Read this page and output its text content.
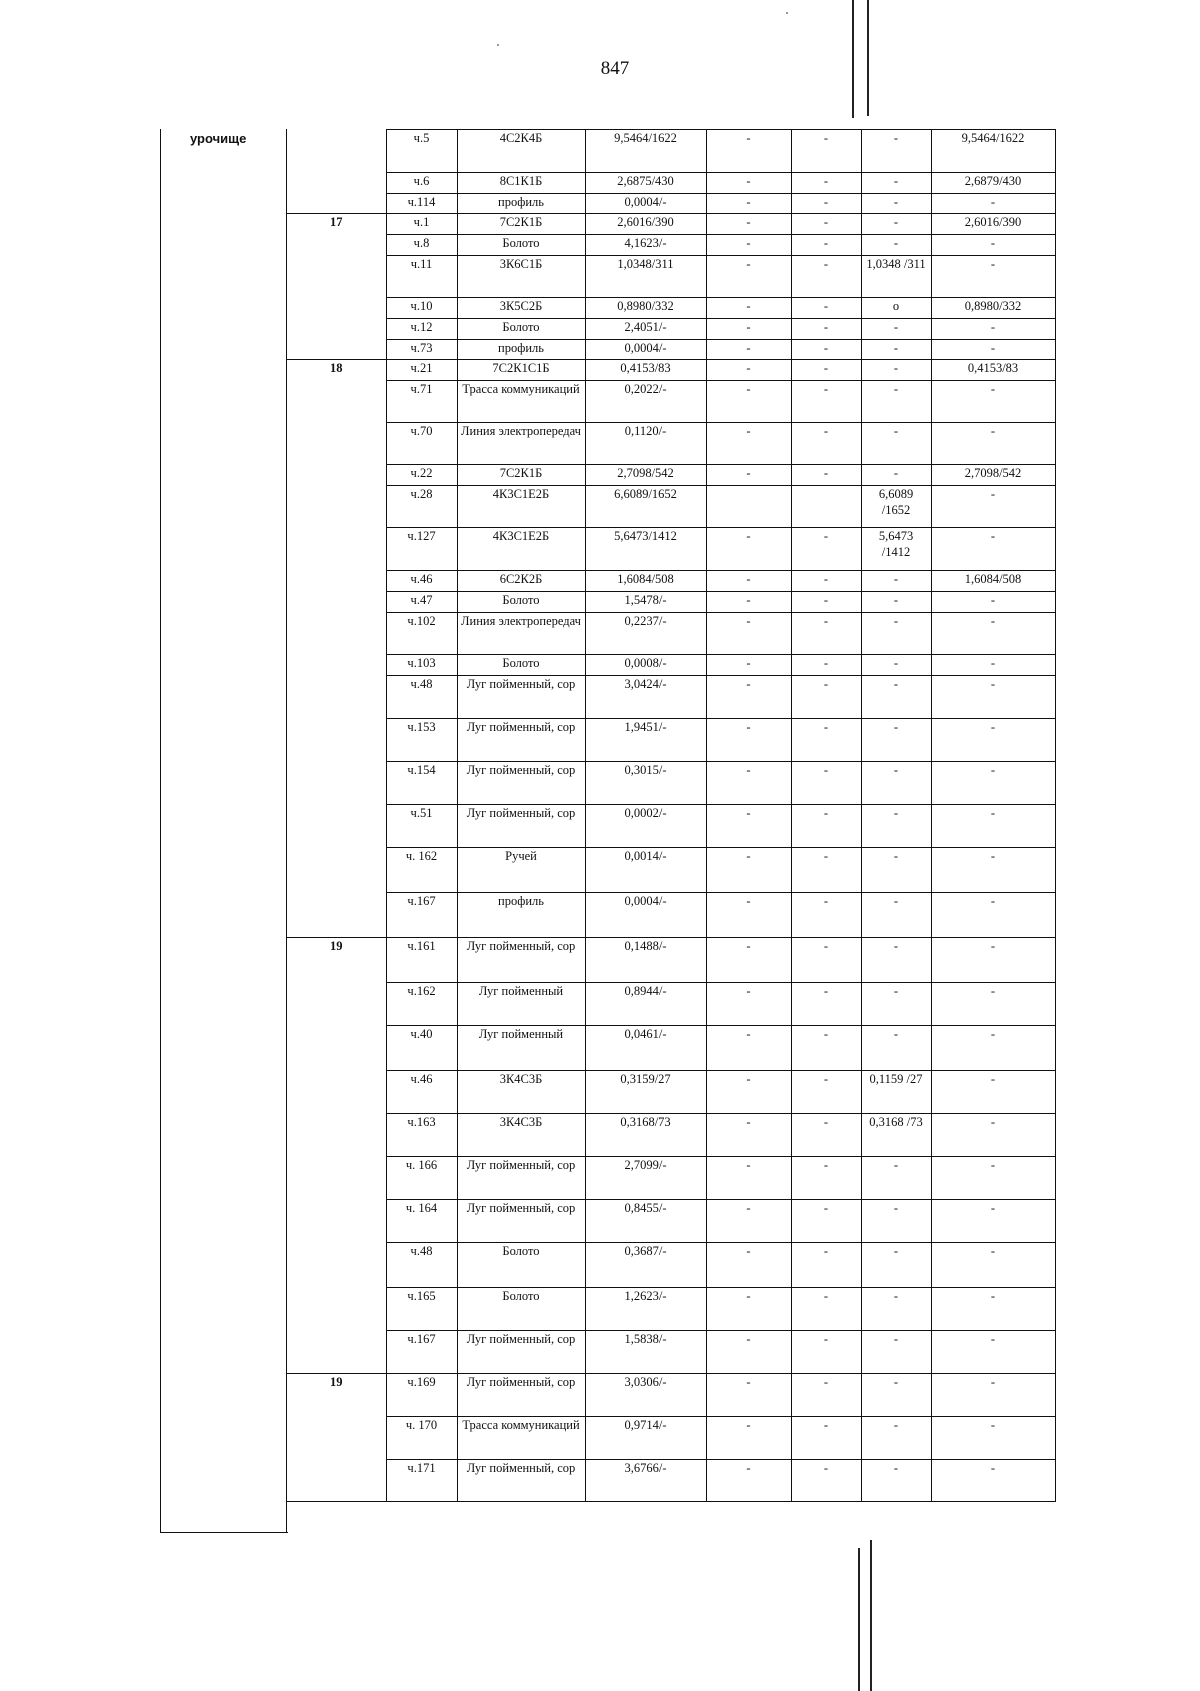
847
урочище
		ч.5	4С2К4Б	9,5464/1622	-	-	-	9,5464/1622
	ч.6	8С1К1Б	2,6875/430	-	-	-	2,6879/430
	ч.114	профиль	0,0004/-	-	-	-	-
17	ч.1	7С2К1Б	2,6016/390	-	-	-	2,6016/390
	ч.8	Болото	4,1623/-	-	-	-	-
	ч.11	3К6С1Б	1,0348/311	-	-	1,0348 /311	-
	ч.10	3К5С2Б	0,8980/332	-	-	о	0,8980/332
	ч.12	Болото	2,4051/-	-	-	-	-
	ч.73	профиль	0,0004/-	-	-	-	-
18	ч.21	7С2К1С1Б	0,4153/83	-	-	-	0,4153/83
	ч.71	Трасса коммуникаций	0,2022/-	-	-	-	-
	ч.70	Линия электропередач	0,1120/-	-	-	-	-
	ч.22	7С2К1Б	2,7098/542	-	-	-	2,7098/542
	ч.28	4К3С1Е2Б	6,6089/1652			6,6089 /1652	-
	ч.127	4К3С1Е2Б	5,6473/1412	-	-	5,6473 /1412	-
	ч.46	6С2К2Б	1,6084/508	-	-	-	1,6084/508
	ч.47	Болото	1,5478/-	-	-	-	-
	ч.102	Линия электропередач	0,2237/-	-	-	-	-
	ч.103	Болото	0,0008/-	-	-	-	-
	ч.48	Луг пойменный, сор	3,0424/-	-	-	-	-
	ч.153	Луг пойменный, сор	1,9451/-	-	-	-	-
	ч.154	Луг пойменный, сор	0,3015/-	-	-	-	-
	ч.51	Луг пойменный, сор	0,0002/-	-	-	-	-
	ч. 162	Ручей	0,0014/-	-	-	-	-
	ч.167	профиль	0,0004/-	-	-	-	-
19	ч.161	Луг пойменный, сор	0,1488/-	-	-	-	-
	ч.162	Луг пойменный	0,8944/-	-	-	-	-
	ч.40	Луг пойменный	0,0461/-	-	-	-	-
	ч.46	3К4С3Б	0,3159/27	-	-	0,1159 /27	-
	ч.163	3К4С3Б	0,3168/73	-	-	0,3168 /73	-
	ч. 166	Луг пойменный, сор	2,7099/-	-	-	-	-
	ч. 164	Луг пойменный, сор	0,8455/-	-	-	-	-
	ч.48	Болото	0,3687/-	-	-	-	-
	ч.165	Болото	1,2623/-	-	-	-	-
	ч.167	Луг пойменный, сор	1,5838/-	-	-	-	-
19	ч.169	Луг пойменный, сор	3,0306/-	-	-	-	-
	ч. 170	Трасса коммуникаций	0,9714/-	-	-	-	-
	ч.171	Луг пойменный, сор	3,6766/-	-	-	-	-
